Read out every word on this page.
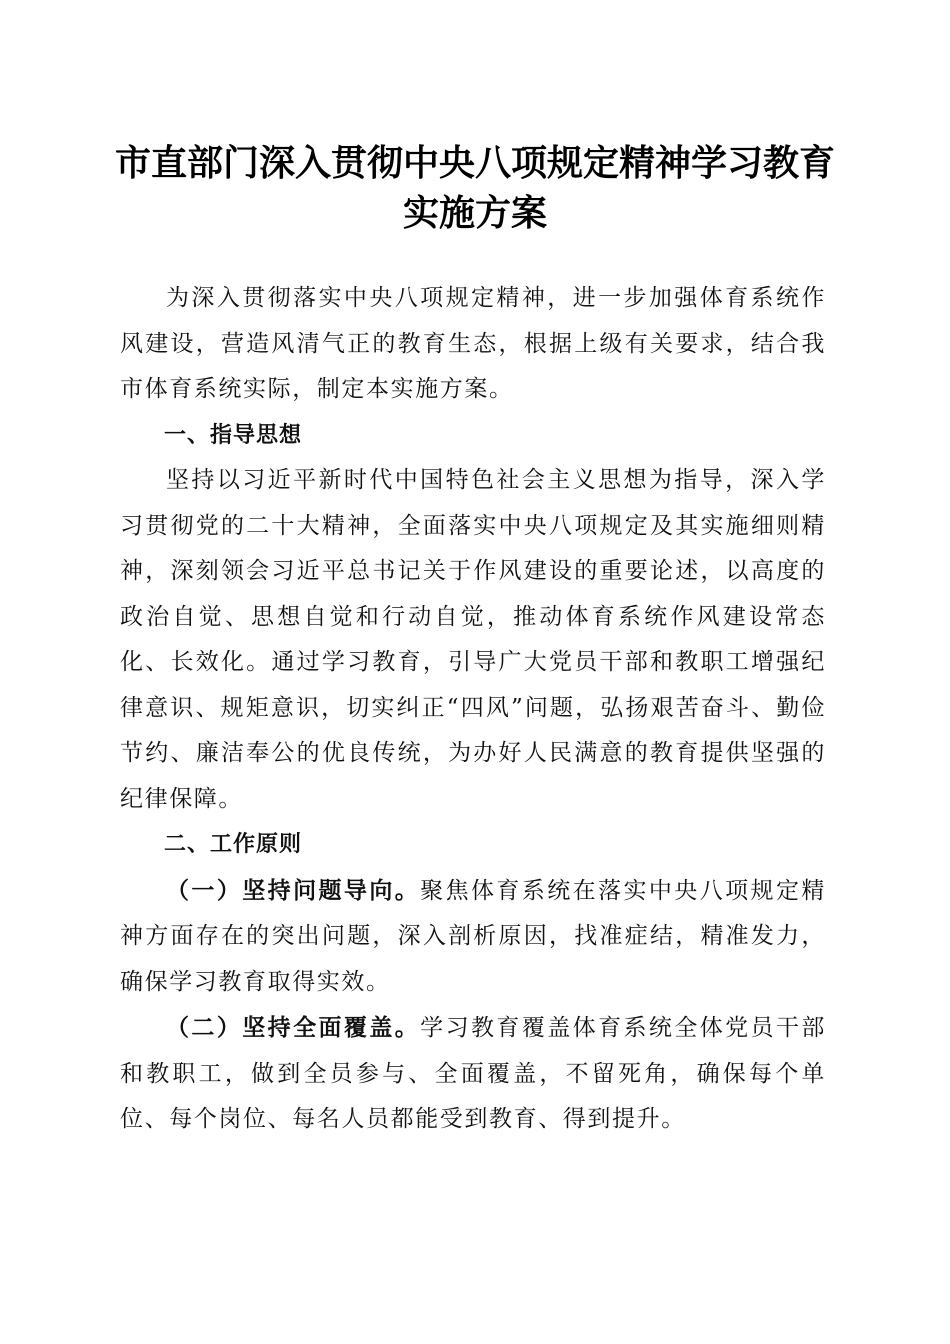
市直部门深入贯彻中央八项规定精神学习教育
实施方案

为深入贯彻落实中央八项规定精神，进一步加强体育系统作风建设，营造风清气正的教育生态，根据上级有关要求，结合我市体育系统实际，制定本实施方案。

一、指导思想

坚持以习近平新时代中国特色社会主义思想为指导，深入学习贯彻党的二十大精神，全面落实中央八项规定及其实施细则精神，深刻领会习近平总书记关于作风建设的重要论述，以高度的政治自觉、思想自觉和行动自觉，推动体育系统作风建设常态化、长效化。通过学习教育，引导广大党员干部和教职工增强纪律意识、规矩意识，切实纠正“四风”问题，弘扬艰苦奋斗、勤俭节约、廉洁奉公的优良传统，为办好人民满意的教育提供坚强的纪律保障。

二、工作原则

（一）坚持问题导向。聚焦体育系统在落实中央八项规定精神方面存在的突出问题，深入剖析原因，找准症结，精准发力，确保学习教育取得实效。

（二）坚持全面覆盖。学习教育覆盖体育系统全体党员干部和教职工，做到全员参与、全面覆盖，不留死角，确保每个单位、每个岗位、每名人员都能受到教育、得到提升。
